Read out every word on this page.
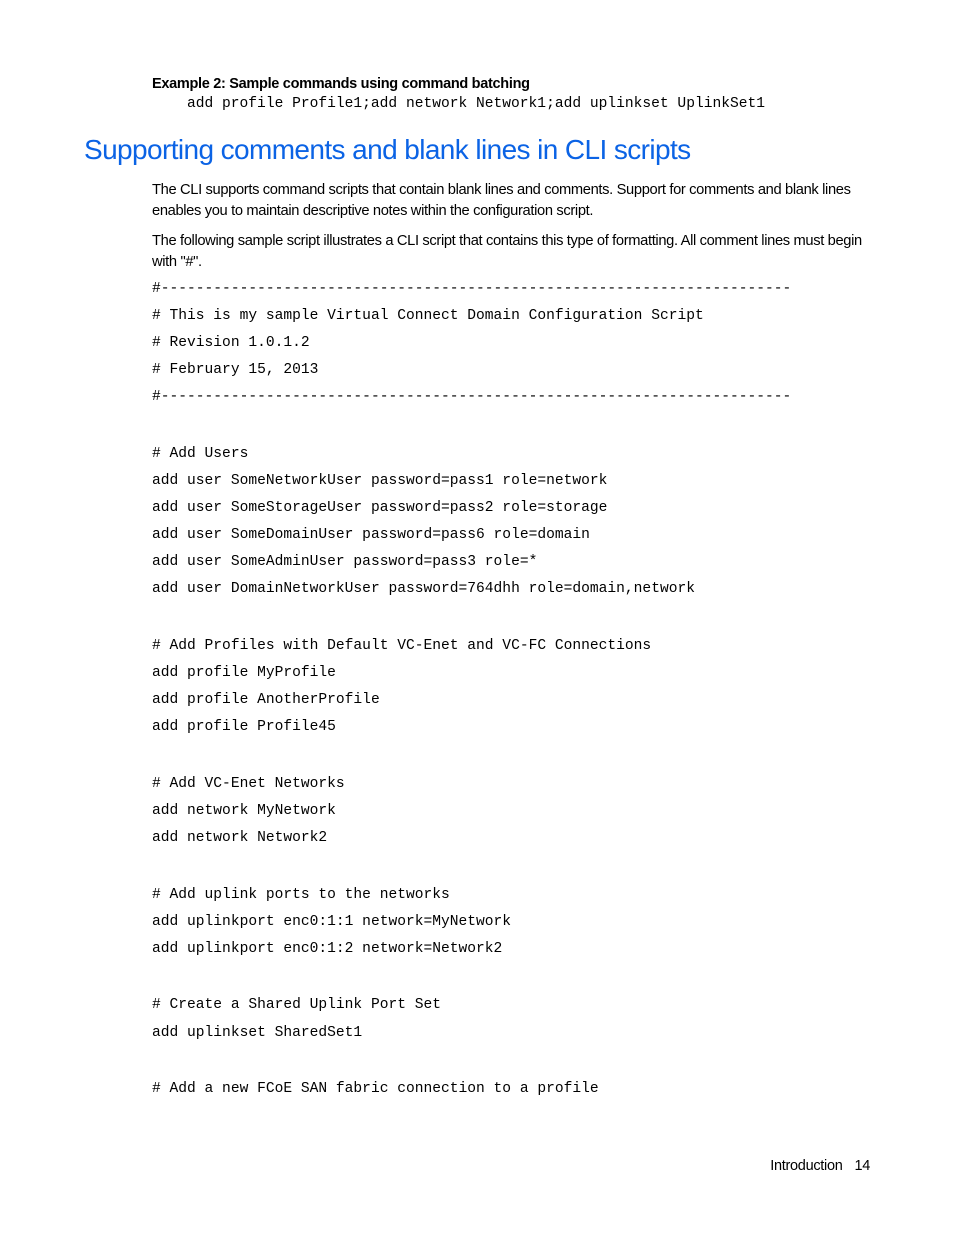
Example 2: Sample commands using command batching
add profile Profile1;add network Network1;add uplinkset UplinkSet1
Supporting comments and blank lines in CLI scripts

The CLI supports command scripts that contain blank lines and comments. Support for comments and blank lines enables you to maintain descriptive notes within the configuration script.

The following sample script illustrates a CLI script that contains this type of formatting. All comment lines must begin with "#".

#------------------------------------------------------------------------

# This is my sample Virtual Connect Domain Configuration Script

# Revision 1.0.1.2

# February 15, 2013

#------------------------------------------------------------------------

# Add Users

add user SomeNetworkUser password=pass1 role=network

add user SomeStorageUser password=pass2 role=storage

add user SomeDomainUser password=pass6 role=domain

add user SomeAdminUser password=pass3 role=*

add user DomainNetworkUser password=764dhh role=domain,network

# Add Profiles with Default VC-Enet and VC-FC Connections

add profile MyProfile

add profile AnotherProfile

add profile Profile45

# Add VC-Enet Networks

add network MyNetwork

add network Network2

# Add uplink ports to the networks

add uplinkport enc0:1:1 network=MyNetwork

add uplinkport enc0:1:2 network=Network2

# Create a Shared Uplink Port Set

add uplinkset SharedSet1

# Add a new FCoE SAN fabric connection to a profile

Introduction 14
